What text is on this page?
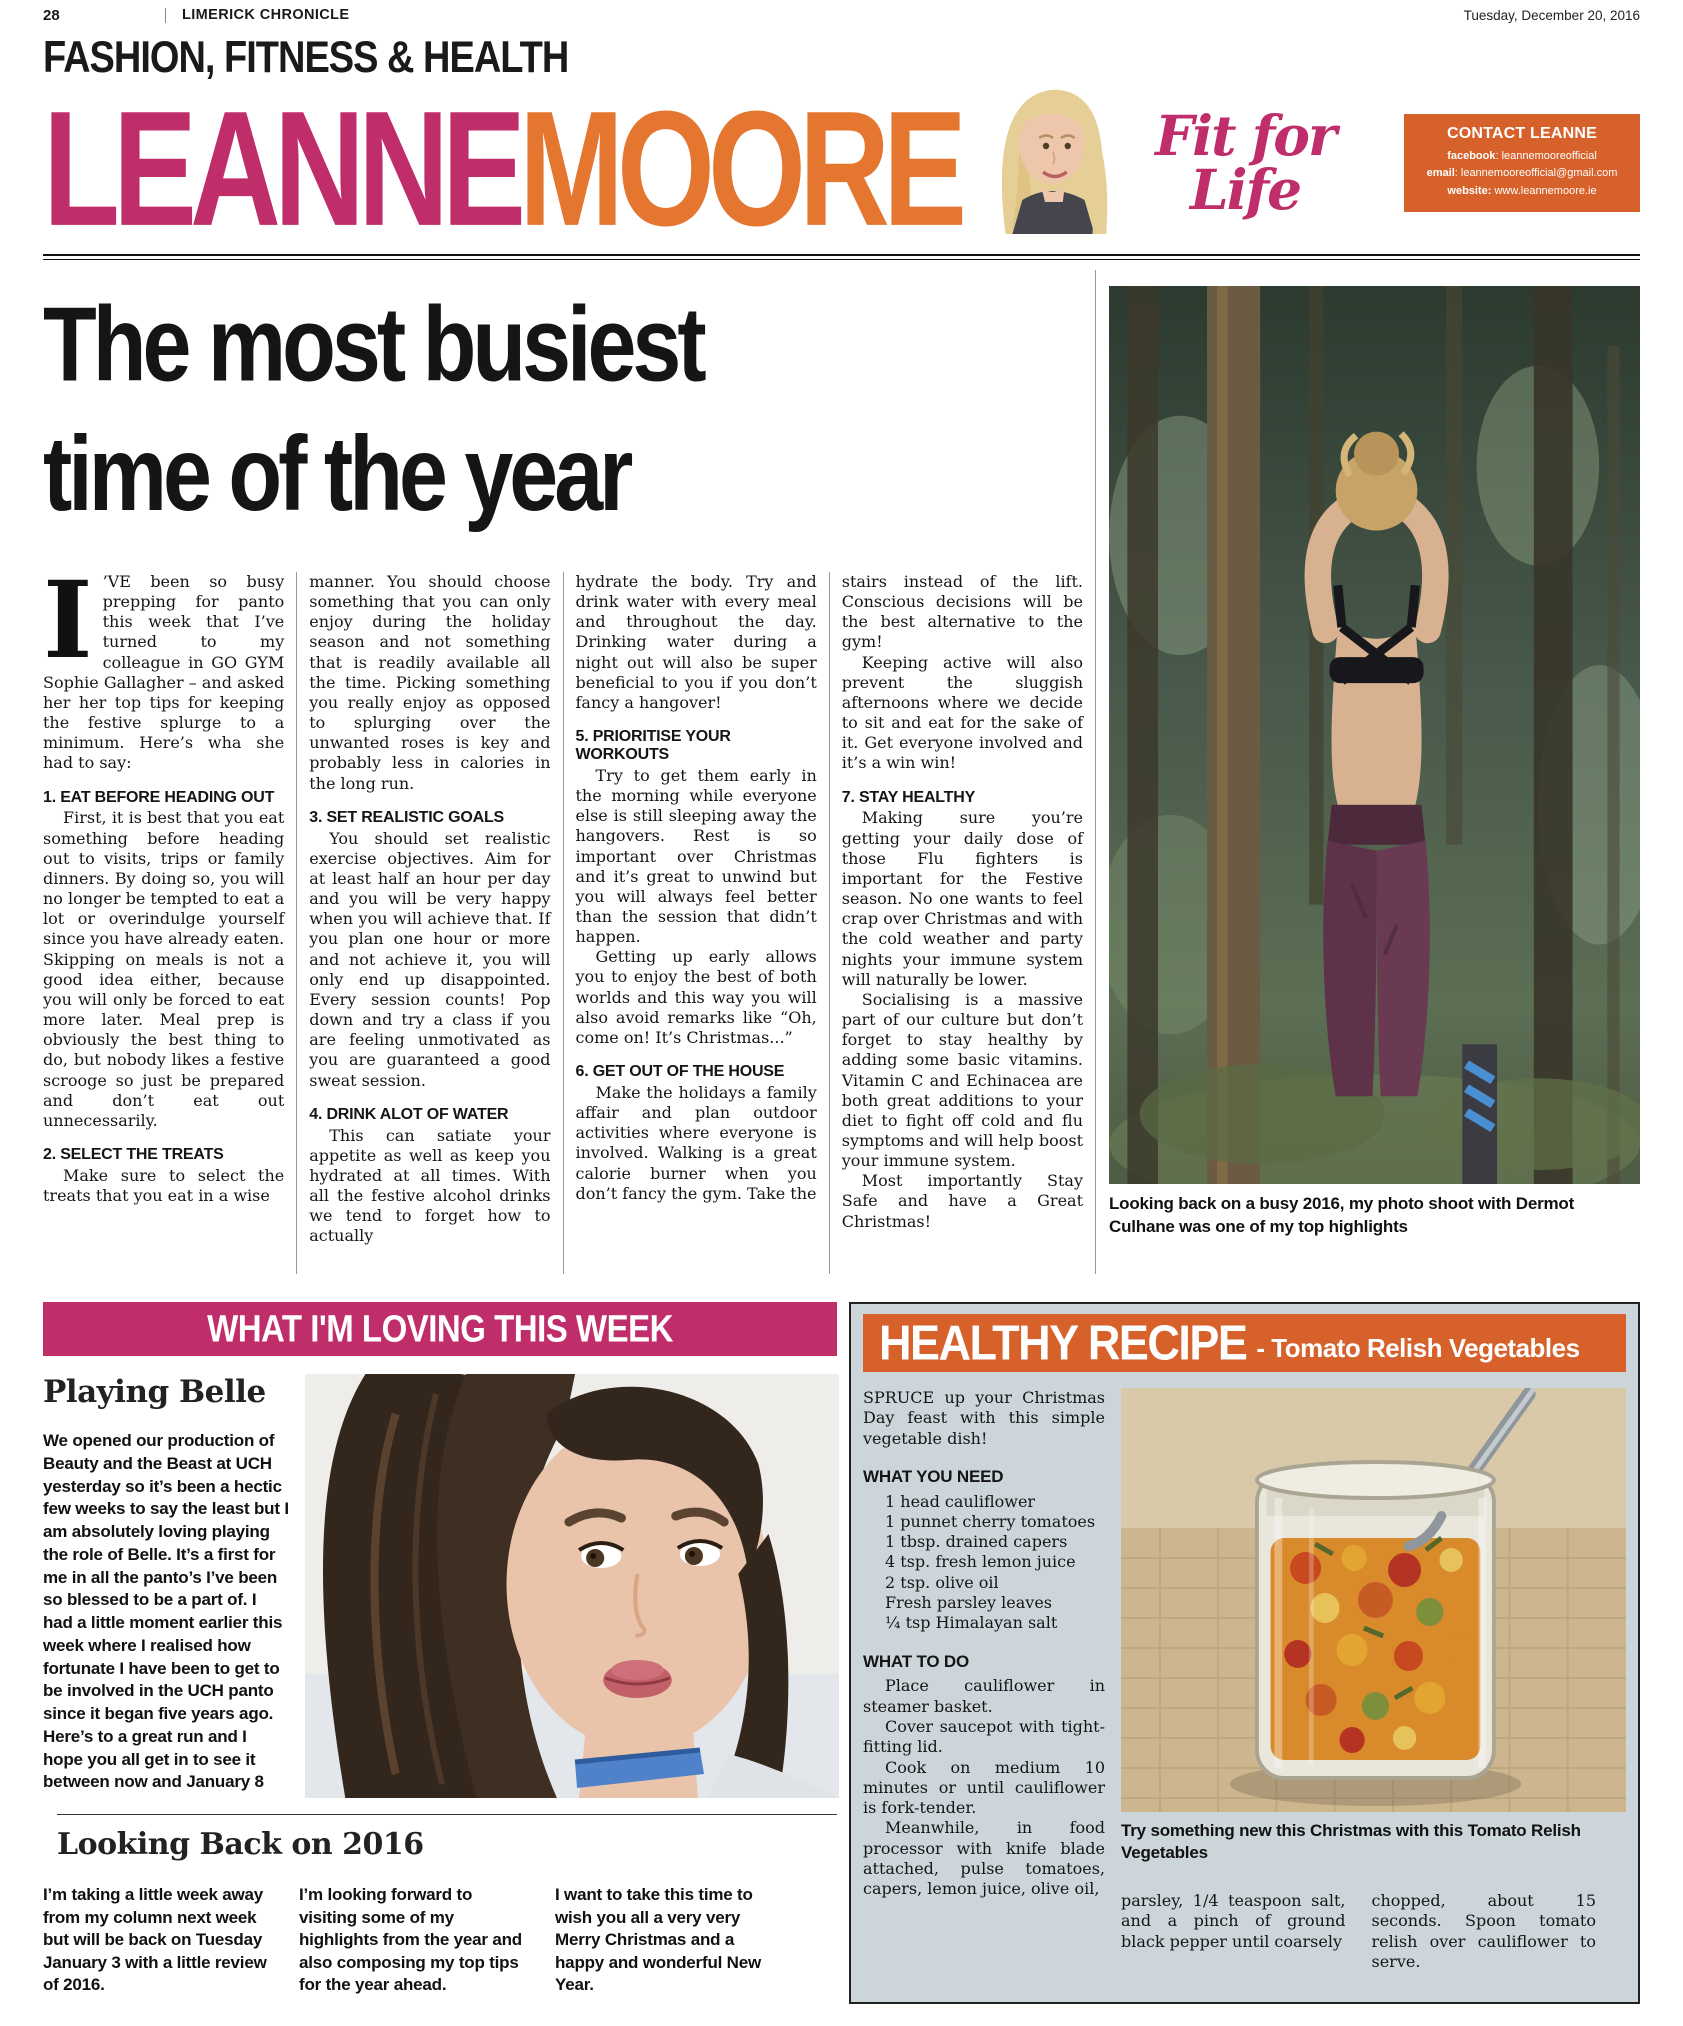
28	LIMERICK CHRONICLE	Tuesday, December 20, 2016
FASHION, FITNESS & HEALTH
LEANNEMOORE	Fit for
Life
CONTACT LEANNE
facebook: leannemooreofficial
email: leannemooreofficial@gmail.com
website: www.leannemoore.ie
The most busiest
time of the year

I ’VE been so busy prepping for panto this week that I’ve turned to my colleague in GO GYM Sophie Gallagher – and asked her her top tips for keeping the festive splurge to a minimum. Here’s wha she had to say:

1. EAT BEFORE HEADING OUT

First, it is best that you eat something before heading out to visits, trips or family dinners. By doing so, you will no longer be tempted to eat a lot or overindulge yourself since you have already eaten. Skipping on meals is not a good idea either, because you will only be forced to eat more later. Meal prep is obviously the best thing to do, but nobody likes a festive scrooge so just be prepared and don’t eat out unnecessarily.

2. SELECT THE TREATS

Make sure to select the treats that you eat in a wise

manner. You should choose something that you can only enjoy during the holiday season and not something that is readily available all the time. Picking something you really enjoy as opposed to splurging over the unwanted roses is key and probably less in calories in the long run.

3. SET REALISTIC GOALS

You should set realistic exercise objectives. Aim for at least half an hour per day and you will be very happy when you will achieve that. If you plan one hour or more and not achieve it, you will only end up disappointed. Every session counts! Pop down and try a class if you are feeling unmotivated as you are guaranteed a good sweat session.

4. DRINK ALOT OF WATER

This can satiate your appetite as well as keep you hydrated at all times. With all the festive alcohol drinks we tend to forget how to actually

hydrate the body. Try and drink water with every meal and throughout the day. Drinking water during a night out will also be super beneficial to you if you don’t fancy a hangover!

5. PRIORITISE YOUR WORKOUTS

Try to get them early in the morning while everyone else is still sleeping away the hangovers. Rest is so important over Christmas and it’s great to unwind but you will always feel better than the session that didn’t happen.

Getting up early allows you to enjoy the best of both worlds and this way you will also avoid remarks like “Oh, come on! It’s Christmas...”

6. GET OUT OF THE HOUSE

Make the holidays a family affair and plan outdoor activities where everyone is involved. Walking is a great calorie burner when you don’t fancy the gym. Take the

stairs instead of the lift. Conscious decisions will be the best alternative to the gym!

Keeping active will also prevent the sluggish afternoons where we decide to sit and eat for the sake of it. Get everyone involved and it’s a win win!

7. STAY HEALTHY

Making sure you’re getting your daily dose of those Flu fighters is important for the Festive season. No one wants to feel crap over Christmas and with the cold weather and party nights your immune system will naturally be lower.

Socialising is a massive part of our culture but don’t forget to stay healthy by adding some basic vitamins. Vitamin C and Echinacea are both great additions to your diet to fight off cold and flu symptoms and will help boost your immune system.

Most importantly Stay Safe and have a Great Christmas!

Looking back on a busy 2016, my photo shoot with Dermot Culhane was one of my top highlights
WHAT I'M LOVING THIS WEEK
Playing Belle
We opened our production of Beauty and the Beast at UCH yesterday so it’s been a hectic few weeks to say the least but I am absolutely loving playing the role of Belle. It’s a first for me in all the panto’s I’ve been so blessed to be a part of. I had a little moment earlier this week where I realised how fortunate I have been to get to be involved in the UCH panto since it began five years ago. Here’s to a great run and I hope you all get in to see it between now and January 8
Looking Back on 2016
I’m taking a little week away from my column next week but will be back on Tuesday January 3 with a little review of 2016.
I’m looking forward to visiting some of my highlights from the year and also composing my top tips for the year ahead.
I want to take this time to wish you all a very very Merry Christmas and a happy and wonderful New Year.
HEALTHY RECIPE - Tomato Relish Vegetables

SPRUCE up your Christmas Day feast with this simple vegetable dish!

WHAT YOU NEED

1 head cauliflower

1 punnet cherry tomatoes

1 tbsp. drained capers

4 tsp. fresh lemon juice

2 tsp. olive oil

Fresh parsley leaves

¼ tsp Himalayan salt

WHAT TO DO

Place cauliflower in steamer basket.

Cover saucepot with tight-fitting lid.

Cook on medium 10 minutes or until cauliflower is fork-tender.

Meanwhile, in food processor with knife blade attached, pulse tomatoes, capers, lemon juice, olive oil,

Try something new this Christmas with this Tomato Relish Vegetables

parsley, 1/4 teaspoon salt, and a pinch of ground black pepper until coarsely

chopped, about 15 seconds. Spoon tomato relish over cauliflower to serve.
